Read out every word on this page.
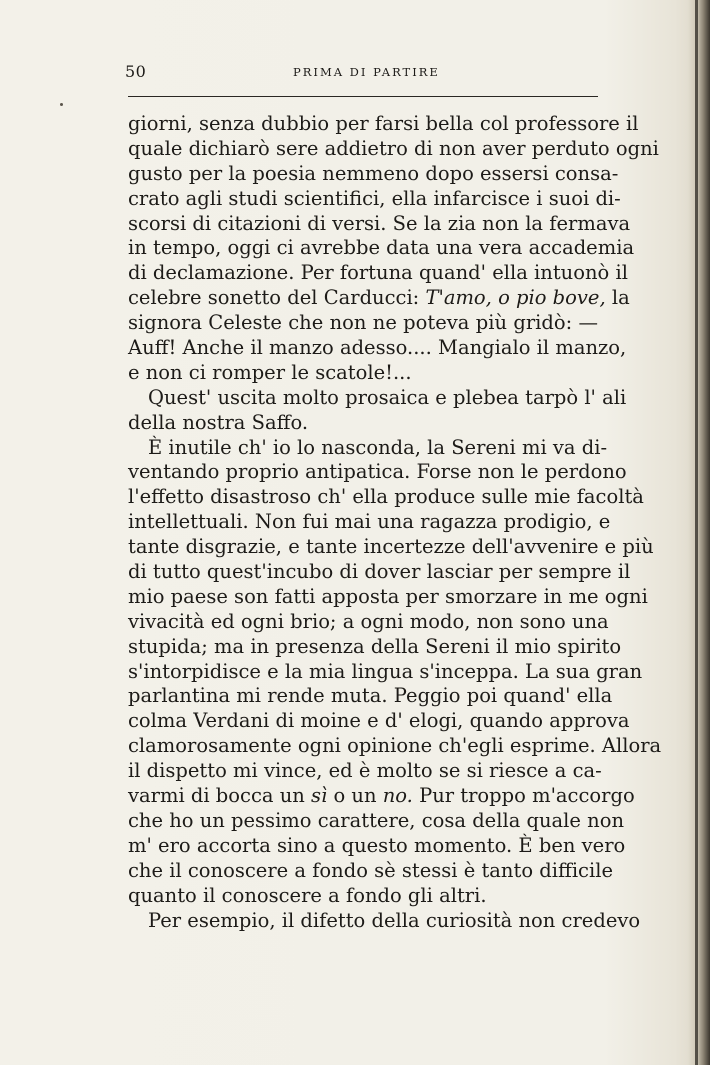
50	PRIMA DI PARTIRE
giorni, senza dubbio per farsi bella col professore il
quale dichiarò sere addietro di non aver perduto ogni
gusto per la poesia nemmeno dopo essersi consa-
crato agli studi scientifici, ella infarcisce i suoi di-
scorsi di citazioni di versi. Se la zia non la fermava
in tempo, oggi ci avrebbe data una vera accademia
di declamazione. Per fortuna quand' ella intuonò il
celebre sonetto del Carducci: T'amo, o pio bove, la
signora Celeste che non ne poteva più gridò: —
Auff! Anche il manzo adesso.... Mangialo il manzo,
e non ci romper le scatole!...
Quest' uscita molto prosaica e plebea tarpò l' ali
della nostra Saffo.
È inutile ch' io lo nasconda, la Sereni mi va di-
ventando proprio antipatica. Forse non le perdono
l'effetto disastroso ch' ella produce sulle mie facoltà
intellettuali. Non fui mai una ragazza prodigio, e
tante disgrazie, e tante incertezze dell'avvenire e più
di tutto quest'incubo di dover lasciar per sempre il
mio paese son fatti apposta per smorzare in me ogni
vivacità ed ogni brio; a ogni modo, non sono una
stupida; ma in presenza della Sereni il mio spirito
s'intorpidisce e la mia lingua s'inceppa. La sua gran
parlantina mi rende muta. Peggio poi quand' ella
colma Verdani di moine e d' elogi, quando approva
clamorosamente ogni opinione ch'egli esprime. Allora
il dispetto mi vince, ed è molto se si riesce a ca-
varmi di bocca un sì o un no. Pur troppo m'accorgo
che ho un pessimo carattere, cosa della quale non
m' ero accorta sino a questo momento. È ben vero
che il conoscere a fondo sè stessi è tanto difficile
quanto il conoscere a fondo gli altri.
Per esempio, il difetto della curiosità non credevo
